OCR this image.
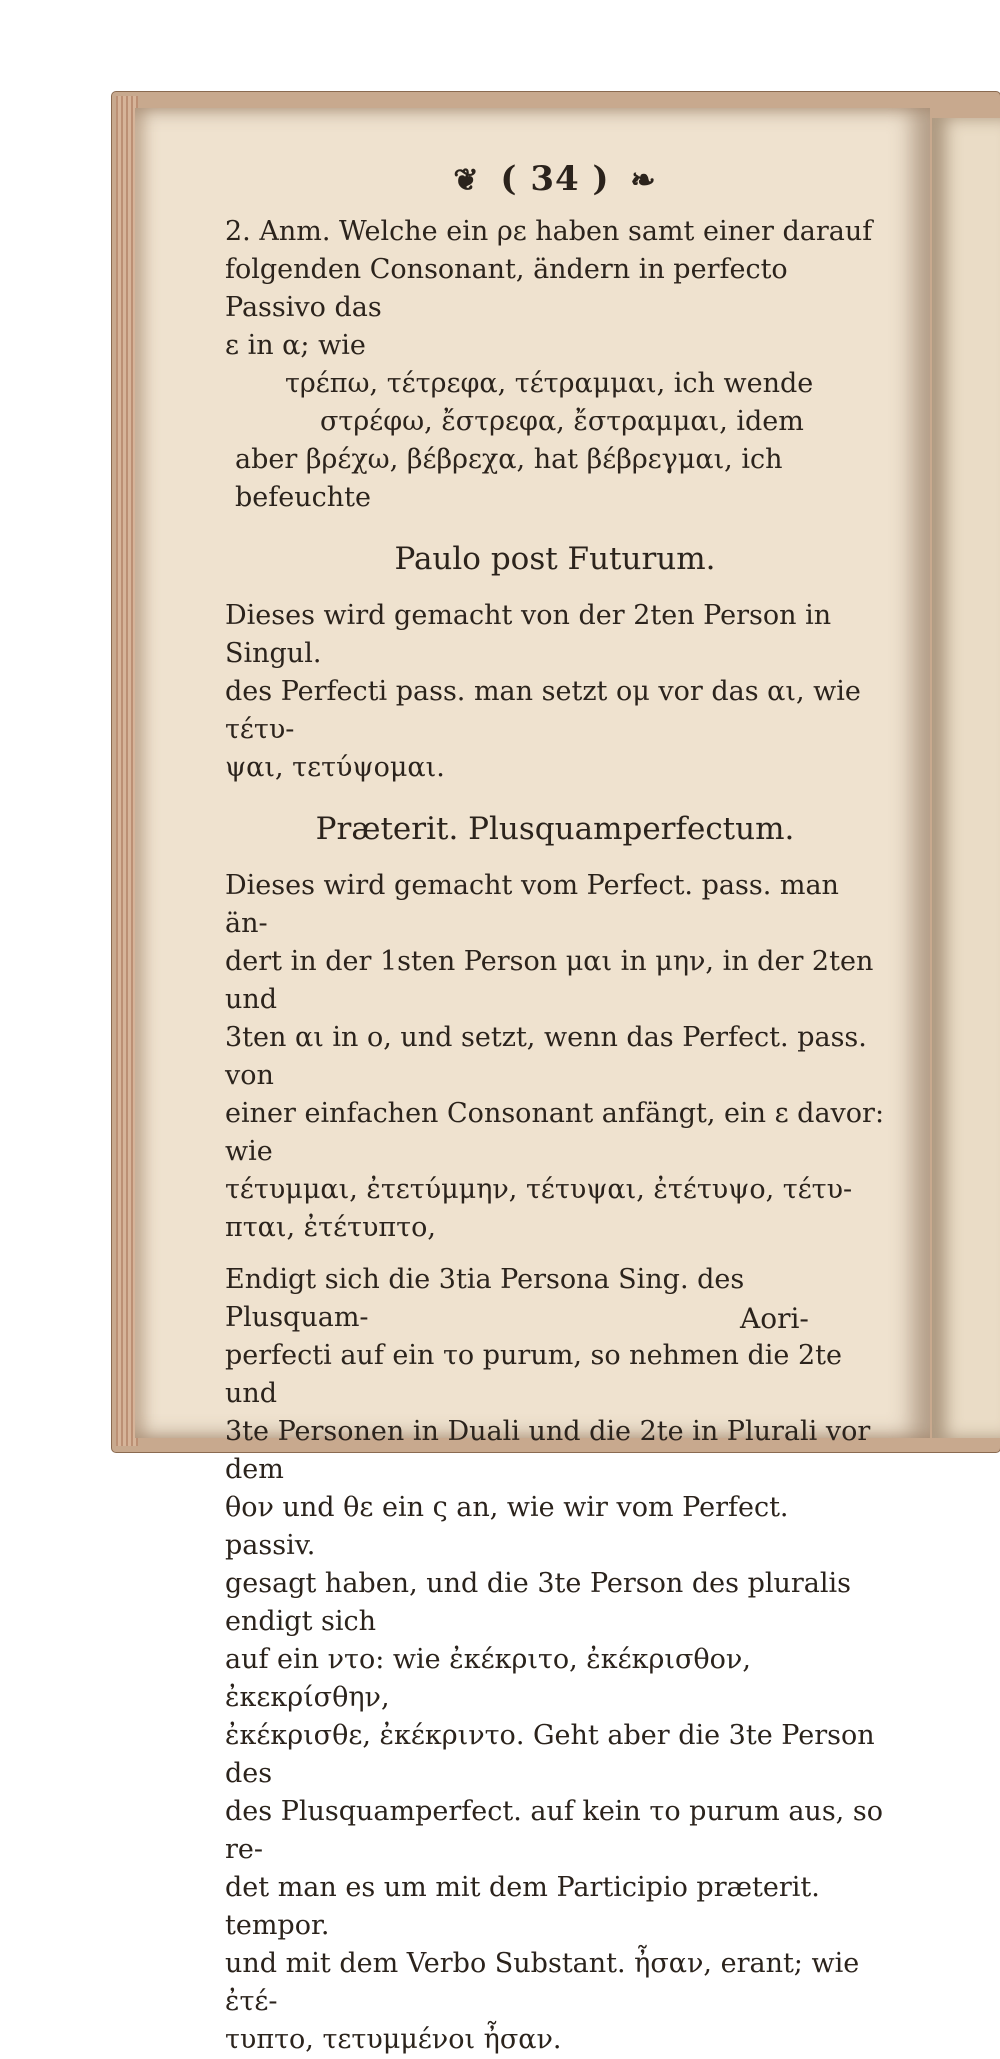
❦ ( 34 ) ❧

2. Anm. Welche ein ρε haben samt einer darauf

folgenden Consonant, ändern in perfecto Passivo das

ε in α; wie

τρέπω, τέτρεφα, τέτραμμαι, ich wende

στρέφω, ἔστρεφα, ἔστραμμαι, idem

aber βρέχω, βέβρεχα, hat βέβρεγμαι, ich befeuchte

Paulo post Futurum.

Dieses wird gemacht von der 2ten Person in Singul.

des Perfecti pass. man setzt ομ vor das αι, wie τέτυ-

ψαι, τετύψομαι.

Præterit. Plusquamperfectum.

Dieses wird gemacht vom Perfect. pass. man än-

dert in der 1sten Person μαι in μην, in der 2ten und

3ten αι in ο, und setzt, wenn das Perfect. pass. von

einer einfachen Consonant anfängt, ein ε davor: wie

τέτυμμαι, ἐτετύμμην, τέτυψαι, ἐτέτυψο, τέτυ-

πται, ἐτέτυπτο,

Endigt sich die 3tia Persona Sing. des Plusquam-

perfecti auf ein το purum, so nehmen die 2te und

3te Personen in Duali und die 2te in Plurali vor dem

θον und θε ein ς an, wie wir vom Perfect. passiv.

gesagt haben, und die 3te Person des pluralis endigt sich

auf ein ντο: wie ἐκέκριτο, ἐκέκρισθον, ἐκεκρίσθην,

ἐκέκρισθε, ἐκέκριντο. Geht aber die 3te Person des

des Plusquamperfect. auf kein το purum aus, so re-

det man es um mit dem Participio præterit. tempor.

und mit dem Verbo Substant. ἦσαν, erant; wie ἐτέ-

τυπτο, τετυμμένοι ἦσαν.

Aori-
